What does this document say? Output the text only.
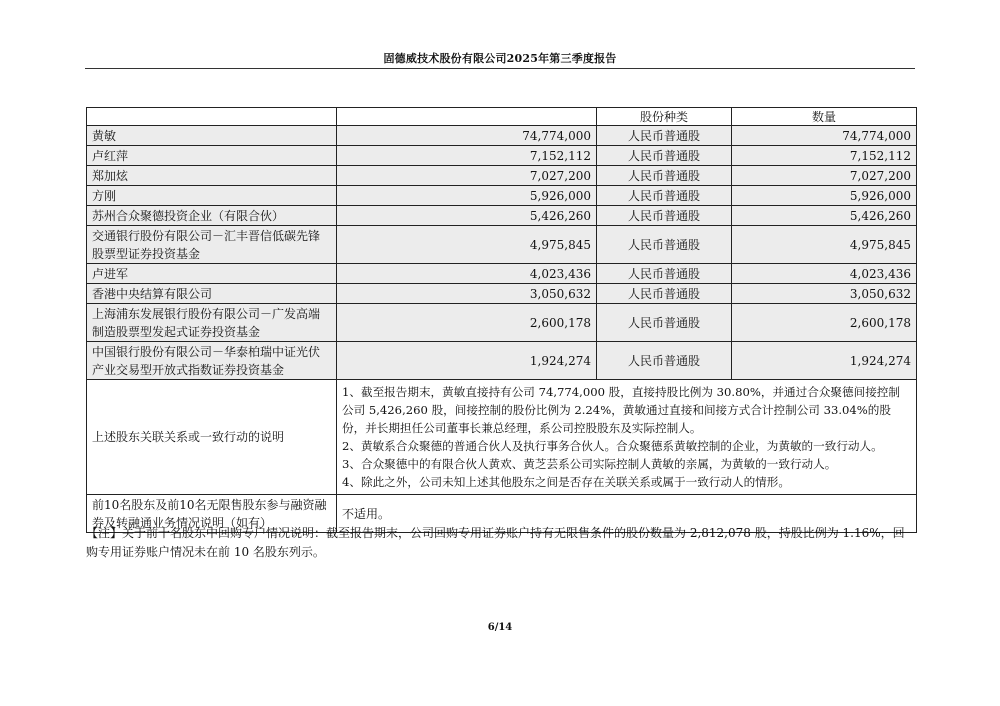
固德威技术股份有限公司2025年第三季度报告
		股份种类	数量
黄敏	74,774,000	人民币普通股	74,774,000
卢红萍	7,152,112	人民币普通股	7,152,112
郑加炫	7,027,200	人民币普通股	7,027,200
方刚	5,926,000	人民币普通股	5,926,000
苏州合众聚德投资企业（有限合伙）	5,426,260	人民币普通股	5,426,260
交通银行股份有限公司－汇丰晋信低碳先锋股票型证券投资基金	4,975,845	人民币普通股	4,975,845
卢进军	4,023,436	人民币普通股	4,023,436
香港中央结算有限公司	3,050,632	人民币普通股	3,050,632
上海浦东发展银行股份有限公司－广发高端制造股票型发起式证券投资基金	2,600,178	人民币普通股	2,600,178
中国银行股份有限公司－华泰柏瑞中证光伏产业交易型开放式指数证券投资基金	1,924,274	人民币普通股	1,924,274
上述股东关联关系或一致行动的说明	1、截至报告期末，黄敏直接持有公司 74,774,000 股，直接持股比例为 30.80%，并通过合众聚德间接控制公司 5,426,260 股，间接控制的股份比例为 2.24%，黄敏通过直接和间接方式合计控制公司 33.04%的股份，并长期担任公司董事长兼总经理，系公司控股股东及实际控制人。

2、黄敏系合众聚德的普通合伙人及执行事务合伙人。合众聚德系黄敏控制的企业，为黄敏的一致行动人。

3、合众聚德中的有限合伙人黄欢、黄芝芸系公司实际控制人黄敏的亲属，为黄敏的一致行动人。

4、除此之外，公司未知上述其他股东之间是否存在关联关系或属于一致行动人的情形。		

前10名股东及前10名无限售股东参与融资融券及转融通业务情况说明（如有）	不适用。		
【注】关于前十名股东中回购专户情况说明：截至报告期末，公司回购专用证券账户持有无限售条件的股份数量为 2,812,078 股，持股比例为 1.16%，回购专用证券账户情况未在前 10 名股东列示。
6/14
